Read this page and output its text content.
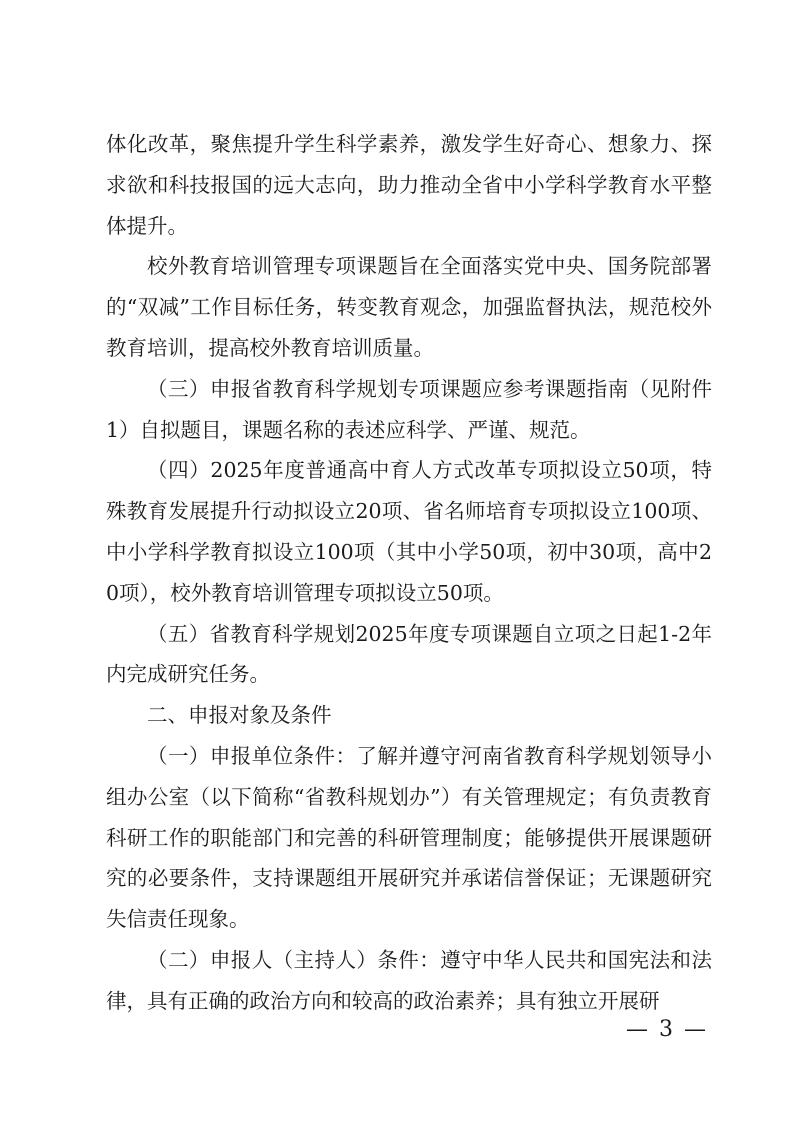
体化改革，聚焦提升学生科学素养，激发学生好奇心、想象力、探求欲和科技报国的远大志向，助力推动全省中小学科学教育水平整体提升。

校外教育培训管理专项课题旨在全面落实党中央、国务院部署的“双减”工作目标任务，转变教育观念，加强监督执法，规范校外教育培训，提高校外教育培训质量。

（三）申报省教育科学规划专项课题应参考课题指南（见附件1）自拟题目，课题名称的表述应科学、严谨、规范。

（四）2025年度普通高中育人方式改革专项拟设立50项，特殊教育发展提升行动拟设立20项、省名师培育专项拟设立100项、中小学科学教育拟设立100项（其中小学50项，初中30项，高中20项），校外教育培训管理专项拟设立50项。

（五）省教育科学规划2025年度专项课题自立项之日起1-2年内完成研究任务。

二、申报对象及条件

（一）申报单位条件：了解并遵守河南省教育科学规划领导小组办公室（以下简称“省教科规划办”）有关管理规定；有负责教育科研工作的职能部门和完善的科研管理制度；能够提供开展课题研究的必要条件，支持课题组开展研究并承诺信誉保证；无课题研究失信责任现象。

（二）申报人（主持人）条件：遵守中华人民共和国宪法和法律，具有正确的政治方向和较高的政治素养；具有独立开展研

— 3 —
